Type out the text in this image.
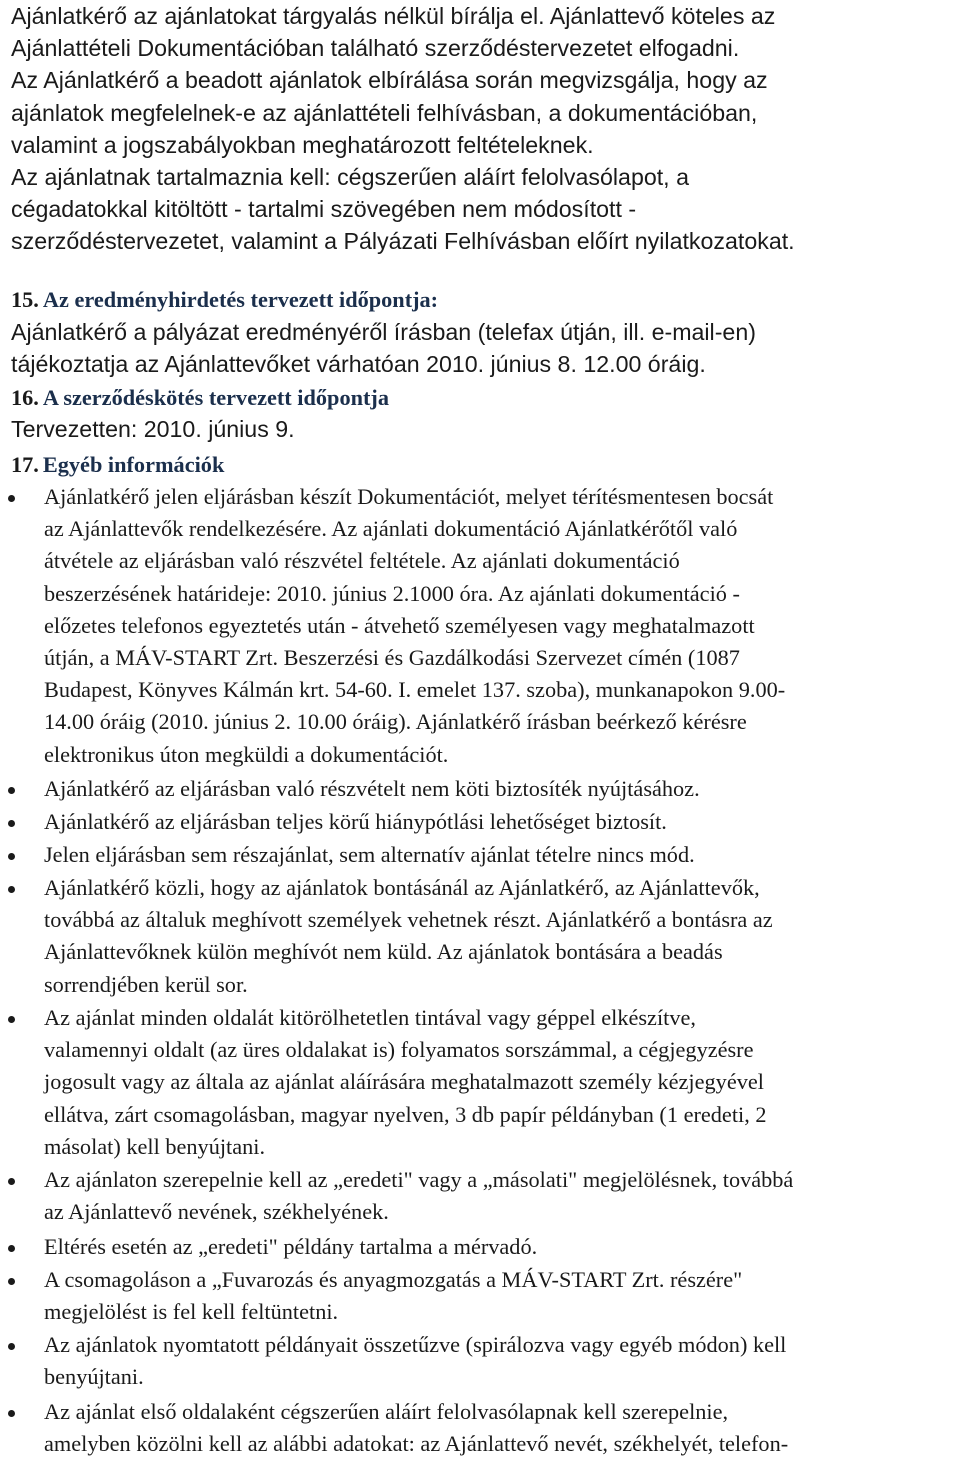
Ajánlatkérő az ajánlatokat tárgyalás nélkül bírálja el. Ajánlattevő köteles az
Ajánlattételi Dokumentációban található szerződéstervezetet elfogadni.
Az Ajánlatkérő a beadott ajánlatok elbírálása során megvizsgálja, hogy az
ajánlatok megfelelnek-e az ajánlattételi felhívásban, a dokumentációban,
valamint a jogszabályokban meghatározott feltételeknek.
Az ajánlatnak tartalmaznia kell: cégszerűen aláírt felolvasólapot, a
cégadatokkal kitöltött - tartalmi szövegében nem módosított -
szerződéstervezetet, valamint a Pályázati Felhívásban előírt nyilatkozatokat.
15. Az eredményhirdetés tervezett időpontja:
Ajánlatkérő a pályázat eredményéről írásban (telefax útján, ill. e-mail-en)
tájékoztatja az Ajánlattevőket várhatóan 2010. június 8. 12.00 óráig.
16. A szerződéskötés tervezett időpontja
Tervezetten: 2010. június 9.
17. Egyéb információk
Ajánlatkérő jelen eljárásban készít Dokumentációt, melyet térítésmentesen bocsát
az Ajánlattevők rendelkezésére. Az ajánlati dokumentáció Ajánlatkérőtől való
átvétele az eljárásban való részvétel feltétele. Az ajánlati dokumentáció
beszerzésének határideje: 2010. június 2.1000 óra. Az ajánlati dokumentáció -
előzetes telefonos egyeztetés után - átvehető személyesen vagy meghatalmazott
útján, a MÁV-START Zrt. Beszerzési és Gazdálkodási Szervezet címén (1087
Budapest, Könyves Kálmán krt. 54-60. I. emelet 137. szoba), munkanapokon 9.00-
14.00 óráig (2010. június 2. 10.00 óráig). Ajánlatkérő írásban beérkező kérésre
elektronikus úton megküldi a dokumentációt.
Ajánlatkérő az eljárásban való részvételt nem köti biztosíték nyújtásához.
Ajánlatkérő az eljárásban teljes körű hiánypótlási lehetőséget biztosít.
Jelen eljárásban sem részajánlat, sem alternatív ajánlat tételre nincs mód.
Ajánlatkérő közli, hogy az ajánlatok bontásánál az Ajánlatkérő, az Ajánlattevők,
továbbá az általuk meghívott személyek vehetnek részt. Ajánlatkérő a bontásra az
Ajánlattevőknek külön meghívót nem küld. Az ajánlatok bontására a beadás
sorrendjében kerül sor.
Az ajánlat minden oldalát kitörölhetetlen tintával vagy géppel elkészítve,
valamennyi oldalt (az üres oldalakat is) folyamatos sorszámmal, a cégjegyzésre
jogosult vagy az általa az ajánlat aláírására meghatalmazott személy kézjegyével
ellátva, zárt csomagolásban, magyar nyelven, 3 db papír példányban (1 eredeti, 2
másolat) kell benyújtani.
Az ajánlaton szerepelnie kell az „eredeti" vagy a „másolati" megjelölésnek, továbbá
az Ajánlattevő nevének, székhelyének.
Eltérés esetén az „eredeti" példány tartalma a mérvadó.
A csomagoláson a „Fuvarozás és anyagmozgatás a MÁV-START Zrt. részére"
megjelölést is fel kell feltüntetni.
Az ajánlatok nyomtatott példányait összetűzve (spirálozva vagy egyéb módon) kell
benyújtani.
Az ajánlat első oldalaként cégszerűen aláírt felolvasólapnak kell szerepelnie,
amelyben közölni kell az alábbi adatokat: az Ajánlattevő nevét, székhelyét, telefon-
